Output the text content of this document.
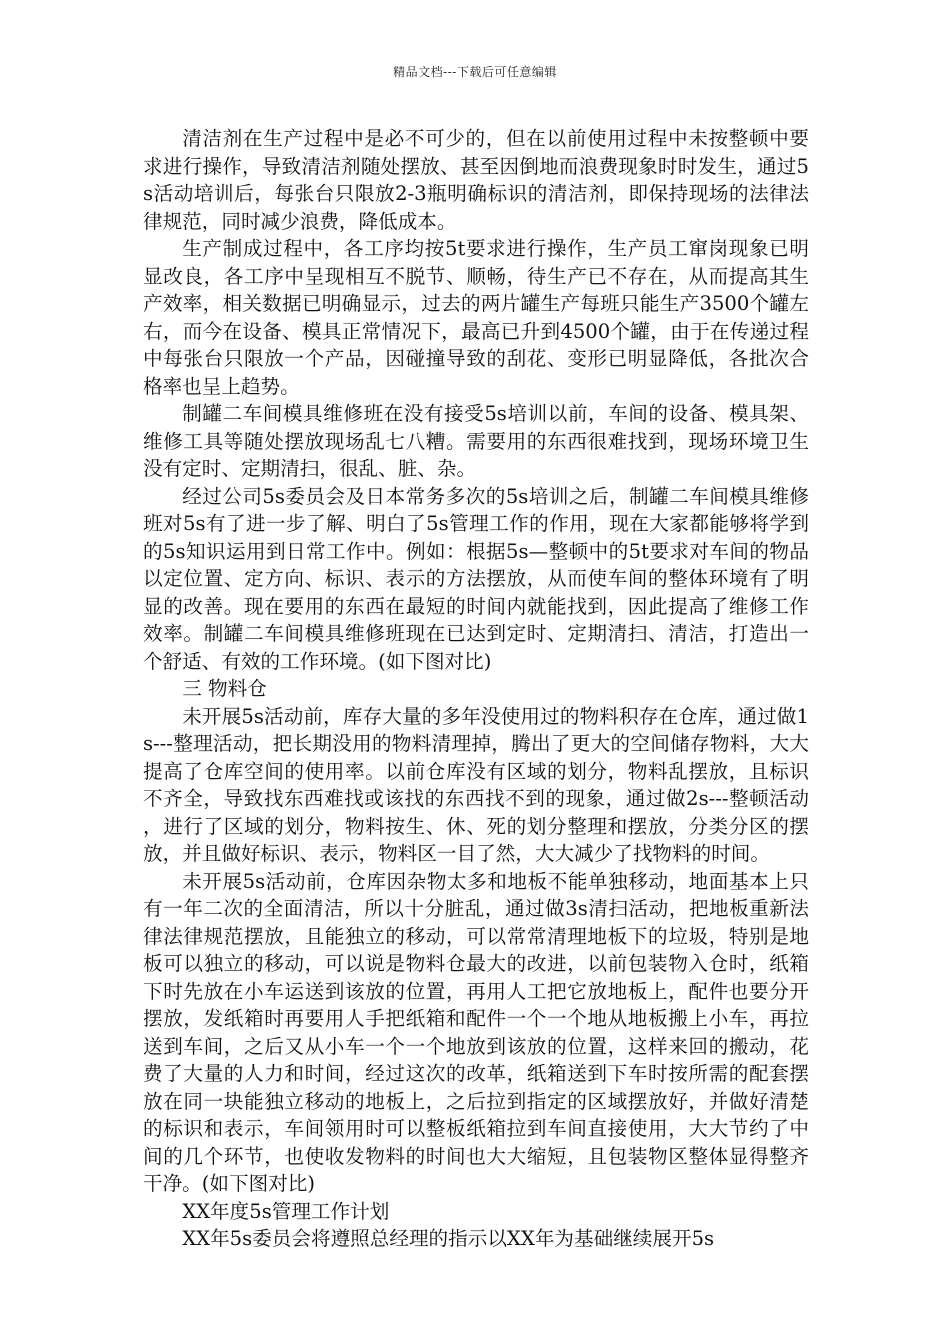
精品文档---下载后可任意编辑

清洁剂在生产过程中是必不可少的，但在以前使用过程中未按整顿中要求进行操作，导致清洁剂随处摆放、甚至因倒地而浪费现象时时发生，通过5s活动培训后，每张台只限放2-3瓶明确标识的清洁剂，即保持现场的法律法律规范，同时减少浪费，降低成本。

生产制成过程中，各工序均按5t要求进行操作，生产员工窜岗现象已明显改良，各工序中呈现相互不脱节、顺畅，待生产已不存在，从而提高其生产效率，相关数据已明确显示，过去的两片罐生产每班只能生产3500个罐左右，而今在设备、模具正常情况下，最高已升到4500个罐，由于在传递过程中每张台只限放一个产品，因碰撞导致的刮花、变形已明显降低，各批次合格率也呈上趋势。

制罐二车间模具维修班在没有接受5s培训以前，车间的设备、模具架、维修工具等随处摆放现场乱七八糟。需要用的东西很难找到，现场环境卫生没有定时、定期清扫，很乱、脏、杂。

经过公司5s委员会及日本常务多次的5s培训之后，制罐二车间模具维修班对5s有了进一步了解、明白了5s管理工作的作用，现在大家都能够将学到的5s知识运用到日常工作中。例如：根据5s—整顿中的5t要求对车间的物品以定位置、定方向、标识、表示的方法摆放，从而使车间的整体环境有了明显的改善。现在要用的东西在最短的时间内就能找到，因此提高了维修工作效率。制罐二车间模具维修班现在已达到定时、定期清扫、清洁，打造出一个舒适、有效的工作环境。(如下图对比)

三 物料仓

未开展5s活动前，库存大量的多年没使用过的物料积存在仓库，通过做1s---整理活动，把长期没用的物料清理掉，腾出了更大的空间储存物料，大大提高了仓库空间的使用率。以前仓库没有区域的划分，物料乱摆放，且标识不齐全，导致找东西难找或该找的东西找不到的现象，通过做2s---整顿活动，进行了区域的划分，物料按生、休、死的划分整理和摆放，分类分区的摆放，并且做好标识、表示，物料区一目了然，大大减少了找物料的时间。

未开展5s活动前，仓库因杂物太多和地板不能单独移动，地面基本上只有一年二次的全面清洁，所以十分脏乱，通过做3s清扫活动，把地板重新法律法律规范摆放，且能独立的移动，可以常常清理地板下的垃圾，特别是地板可以独立的移动，可以说是物料仓最大的改进，以前包装物入仓时，纸箱下时先放在小车运送到该放的位置，再用人工把它放地板上，配件也要分开摆放，发纸箱时再要用人手把纸箱和配件一个一个地从地板搬上小车，再拉送到车间，之后又从小车一个一个地放到该放的位置，这样来回的搬动，花费了大量的人力和时间，经过这次的改革，纸箱送到下车时按所需的配套摆放在同一块能独立移动的地板上，之后拉到指定的区域摆放好，并做好清楚的标识和表示，车间领用时可以整板纸箱拉到车间直接使用，大大节约了中间的几个环节，也使收发物料的时间也大大缩短，且包装物区整体显得整齐干净。(如下图对比)

XX年度5s管理工作计划

XX年5s委员会将遵照总经理的指示以XX年为基础继续展开5s
